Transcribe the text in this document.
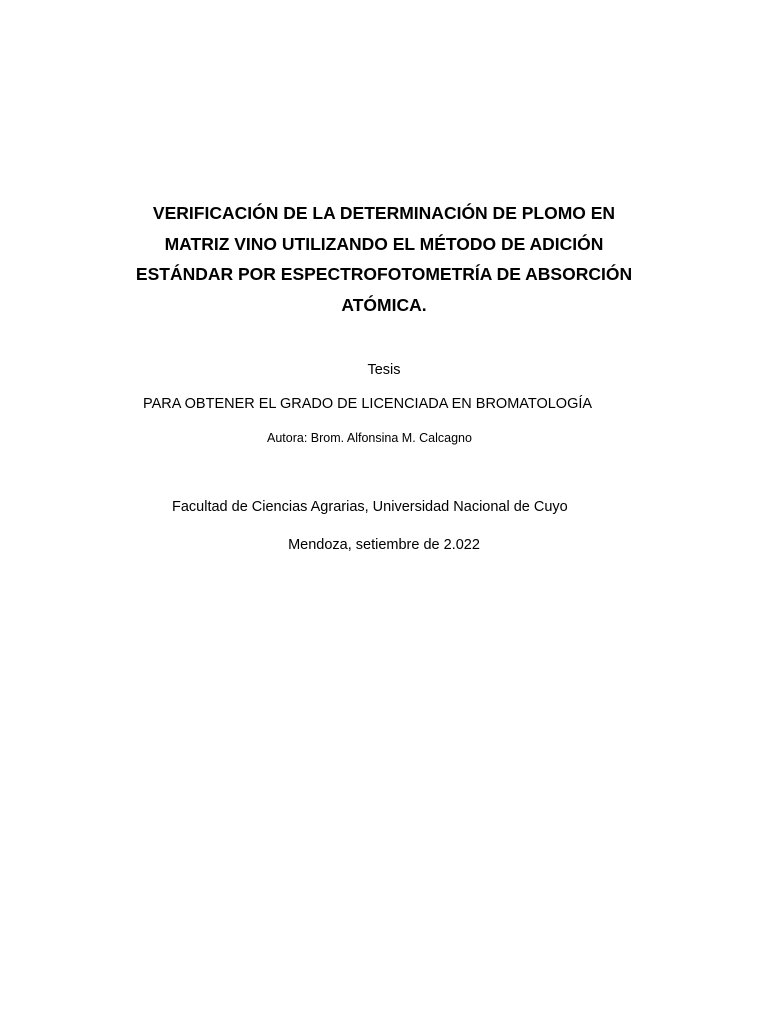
VERIFICACIÓN DE LA DETERMINACIÓN DE PLOMO EN
MATRIZ VINO UTILIZANDO EL MÉTODO DE ADICIÓN
ESTÁNDAR POR ESPECTROFOTOMETRÍA DE ABSORCIÓN
ATÓMICA.

Tesis

PARA OBTENER EL GRADO DE LICENCIADA EN BROMATOLOGÍA

Autora: Brom. Alfonsina M. Calcagno

Facultad de Ciencias Agrarias, Universidad Nacional de Cuyo

Mendoza, setiembre de 2.022
